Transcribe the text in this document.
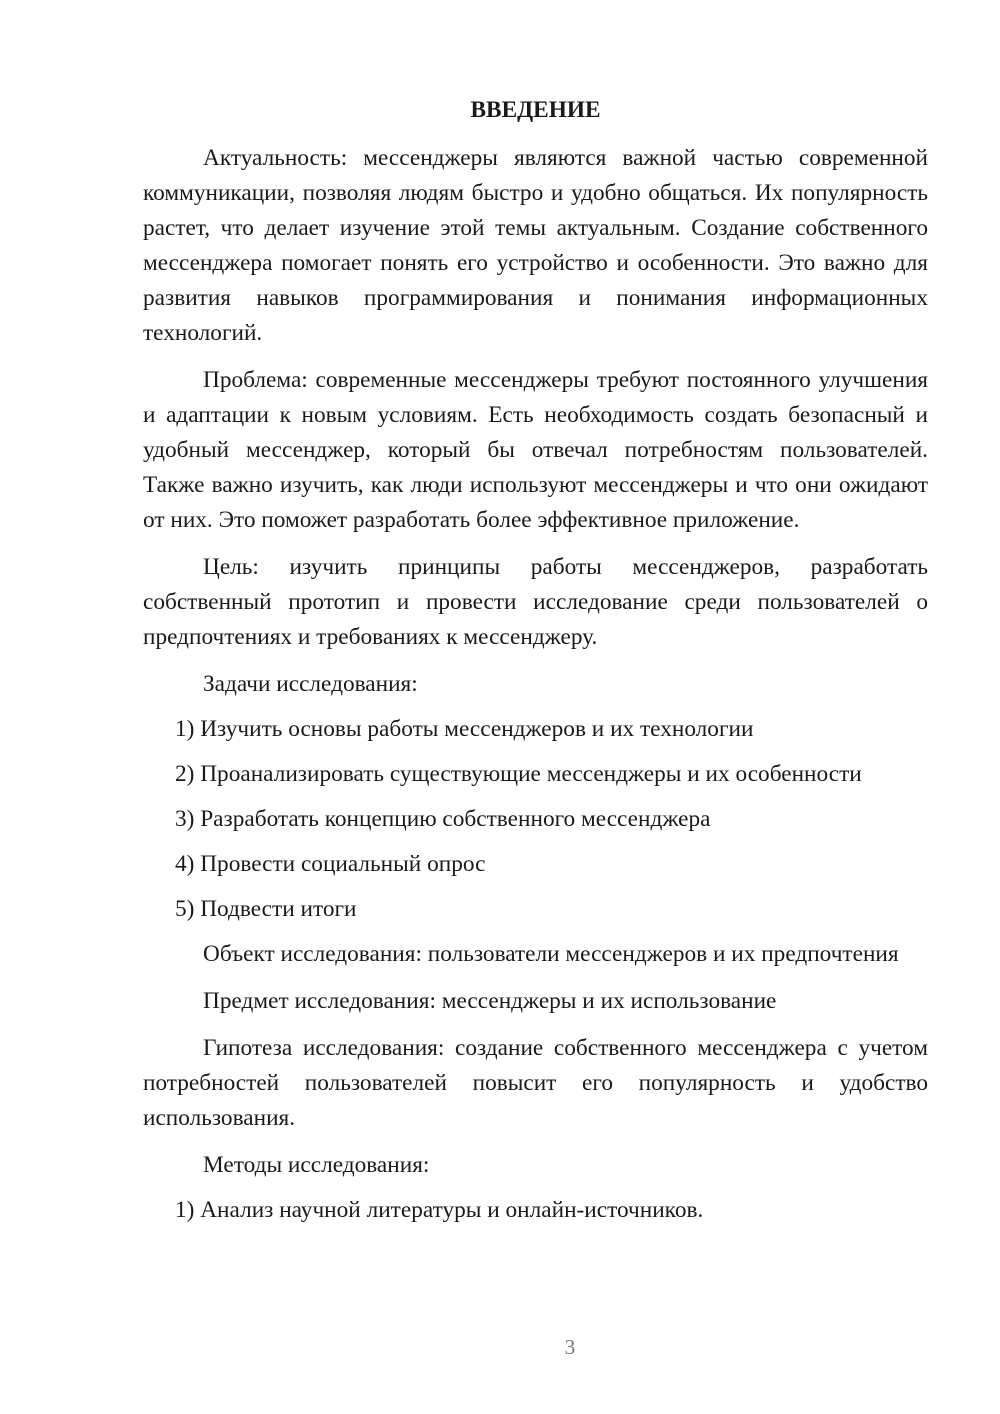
ВВЕДЕНИЕ
Актуальность: мессенджеры являются важной частью современной коммуникации, позволяя людям быстро и удобно общаться. Их популярность растет, что делает изучение этой темы актуальным. Создание собственного мессенджера помогает понять его устройство и особенности. Это важно для развития навыков программирования и понимания информационных технологий.
Проблема: современные мессенджеры требуют постоянного улучшения и адаптации к новым условиям. Есть необходимость создать безопасный и удобный мессенджер, который бы отвечал потребностям пользователей. Также важно изучить, как люди используют мессенджеры и что они ожидают от них. Это поможет разработать более эффективное приложение.
Цель: изучить принципы работы мессенджеров, разработать собственный прототип и провести исследование среди пользователей о предпочтениях и требованиях к мессенджеру.
Задачи исследования:
1) Изучить основы работы мессенджеров и их технологии
2) Проанализировать существующие мессенджеры и их особенности
3) Разработать концепцию собственного мессенджера
4) Провести социальный опрос
5) Подвести итоги
Объект исследования: пользователи мессенджеров и их предпочтения
Предмет исследования: мессенджеры и их использование
Гипотеза исследования: создание собственного мессенджера с учетом потребностей пользователей повысит его популярность и удобство использования.
Методы исследования:
1) Анализ научной литературы и онлайн-источников.
3
